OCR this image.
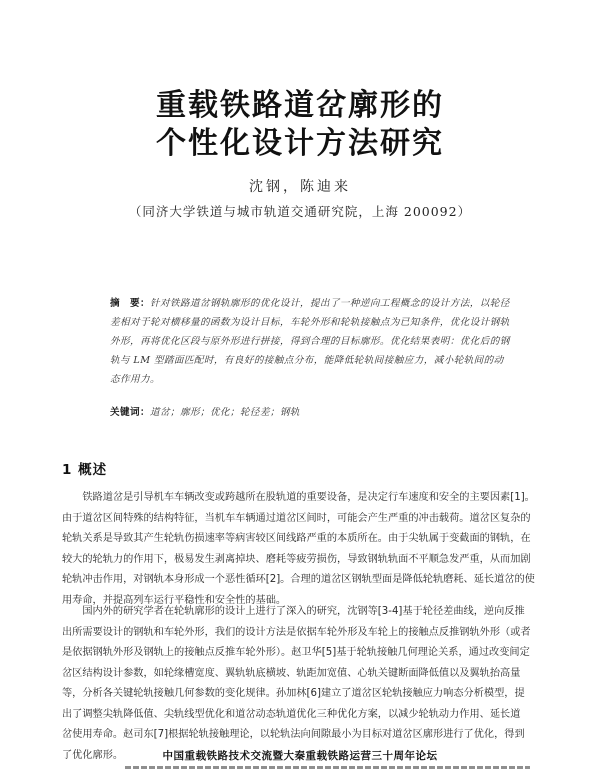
重载铁路道岔廓形的
个性化设计方法研究
沈钢，陈迪来
（同济大学铁道与城市轨道交通研究院，上海 200092）
摘　要：针对铁路道岔钢轨廓形的优化设计，提出了一种逆向工程概念的设计方法，以轮径
差相对于轮对横移量的函数为设计目标，车轮外形和轮轨接触点为已知条件，优化设计钢轨
外形，再将优化区段与原外形进行拼接，得到合理的目标廓形。优化结果表明：优化后的钢
轨与 LM 型踏面匹配时，有良好的接触点分布，能降低轮轨间接触应力，减小轮轨间的动
态作用力。
关键词：道岔；廓形；优化；轮径差；钢轨
1 概述
　　铁路道岔是引导机车车辆改变或跨越所在股轨道的重要设备，是决定行车速度和安全的主要因素[1]。
由于道岔区间特殊的结构特征，当机车车辆通过道岔区间时，可能会产生严重的冲击载荷。道岔区复杂的
轮轨关系是导致其产生轮轨伤损速率等病害较区间线路严重的本质所在。由于尖轨属于变截面的钢轨，在
较大的轮轨力的作用下，极易发生剥离掉块、磨耗等疲劳损伤，导致钢轨轨面不平顺急发严重，从而加剧
轮轨冲击作用，对钢轨本身形成一个恶性循环[2]。合理的道岔区钢轨型面是降低轮轨磨耗、延长道岔的使
用寿命，并提高列车运行平稳性和安全性的基础。
　　国内外的研究学者在轮轨廓形的设计上进行了深入的研究，沈钢等[3-4]基于轮径差曲线，逆向反推
出所需要设计的钢轨和车轮外形，我们的设计方法是依据车轮外形及车轮上的接触点反推钢轨外形（或者
是依据钢轨外形及钢轨上的接触点反推车轮外形）。赵卫华[5]基于轮轨接触几何理论关系，通过改变间定
岔区结构设计参数，如轮缘槽宽度、翼轨轨底横坡、轨距加宽值、心轨关键断面降低值以及翼轨抬高量
等，分析各关键轮轨接触几何参数的变化规律。孙加林[6]建立了道岔区轮轨接触应力响态分析模型，提
出了调整尖轨降低值、尖轨线型优化和道岔动态轨道优化三种优化方案，以减少轮轨动力作用、延长道
岔使用寿命。赵司东[7]根据轮轨接触理论，以轮轨法向间隙最小为目标对道岔区廓形进行了优化，得到
了优化廓形。	中国重载铁路技术交流暨大秦重载铁路运营三十周年论坛
